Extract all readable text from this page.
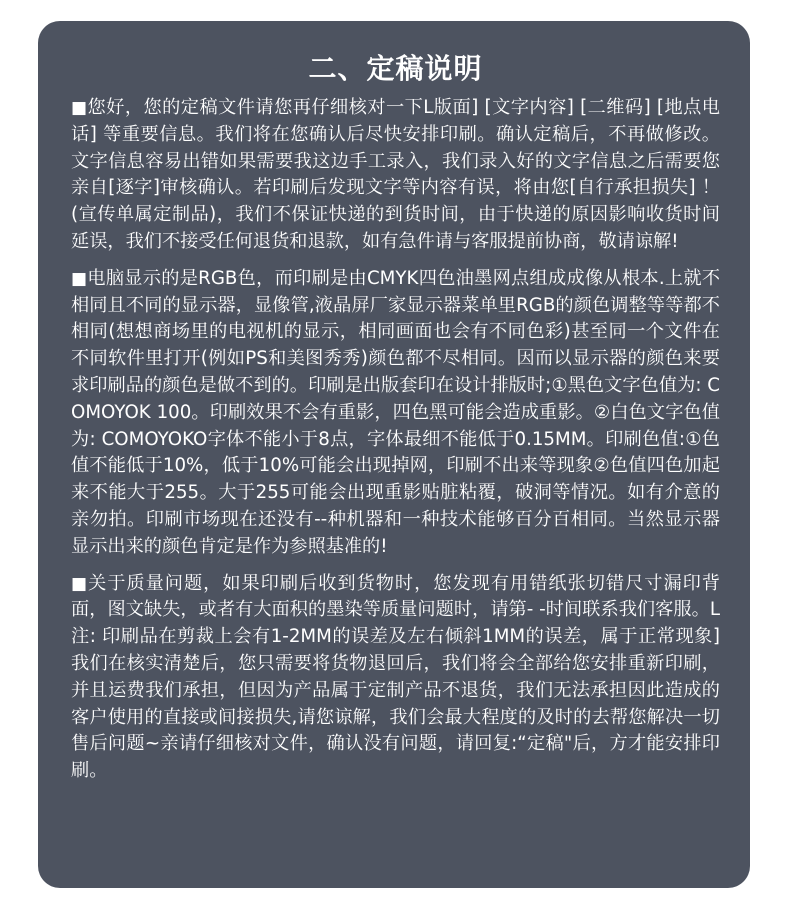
二、定稿说明

■您好，您的定稿文件请您再仔细核对一下L版面] [文字内容] [二维码] [地点电话] 等重要信息。我们将在您确认后尽快安排印刷。确认定稿后，不再做修改。文字信息容易出错如果需要我这边手工录入，我们录入好的文字信息之后需要您亲自[逐字]审核确认。若印刷后发现文字等内容有误，将由您[自行承担损失] ！(宣传单属定制品)，我们不保证快递的到货时间，由于快递的原因影响收货时间延误，我们不接受任何退货和退款，如有急件请与客服提前协商，敬请谅解!

■电脑显示的是RGB色，而印刷是由CMYK四色油墨网点组成成像从根本.上就不相同且不同的显示器，显像管,液晶屏厂家显示器菜单里RGB的颜色调整等等都不相同(想想商场里的电视机的显示，相同画面也会有不同色彩)甚至同一个文件在不同软件里打开(例如PS和美图秀秀)颜色都不尽相同。因而以显示器的颜色来要求印刷品的颜色是做不到的。印刷是出版套印在设计排版时;①黑色文字色值为: COMOYOK 100。印刷效果不会有重影，四色黑可能会造成重影。②白色文字色值为: COMOYOKO字体不能小于8点，字体最细不能低于0.15MM。印刷色值:①色值不能低于10%，低于10%可能会出现掉网，印刷不出来等现象②色值四色加起来不能大于255。大于255可能会出现重影贴脏粘覆，破洞等情况。如有介意的亲勿拍。印刷市场现在还没有--种机器和一种技术能够百分百相同。当然显示器显示出来的颜色肯定是作为参照基准的!

■关于质量问题，如果印刷后收到货物时，您发现有用错纸张切错尺寸漏印背面，图文缺失，或者有大面积的墨染等质量问题时，请第- -时间联系我们客服。L注: 印刷品在剪裁上会有1-2MM的误差及左右倾斜1MM的误差，属于正常现象]我们在核实清楚后，您只需要将货物退回后，我们将会全部给您安排重新印刷，并且运费我们承担，但因为产品属于定制产品不退货，我们无法承担因此造成的客户使用的直接或间接损失,请您谅解，我们会最大程度的及时的去帮您解决一切售后问题~亲请仔细核对文件，确认没有问题，请回复:“定稿"后，方才能安排印刷。
